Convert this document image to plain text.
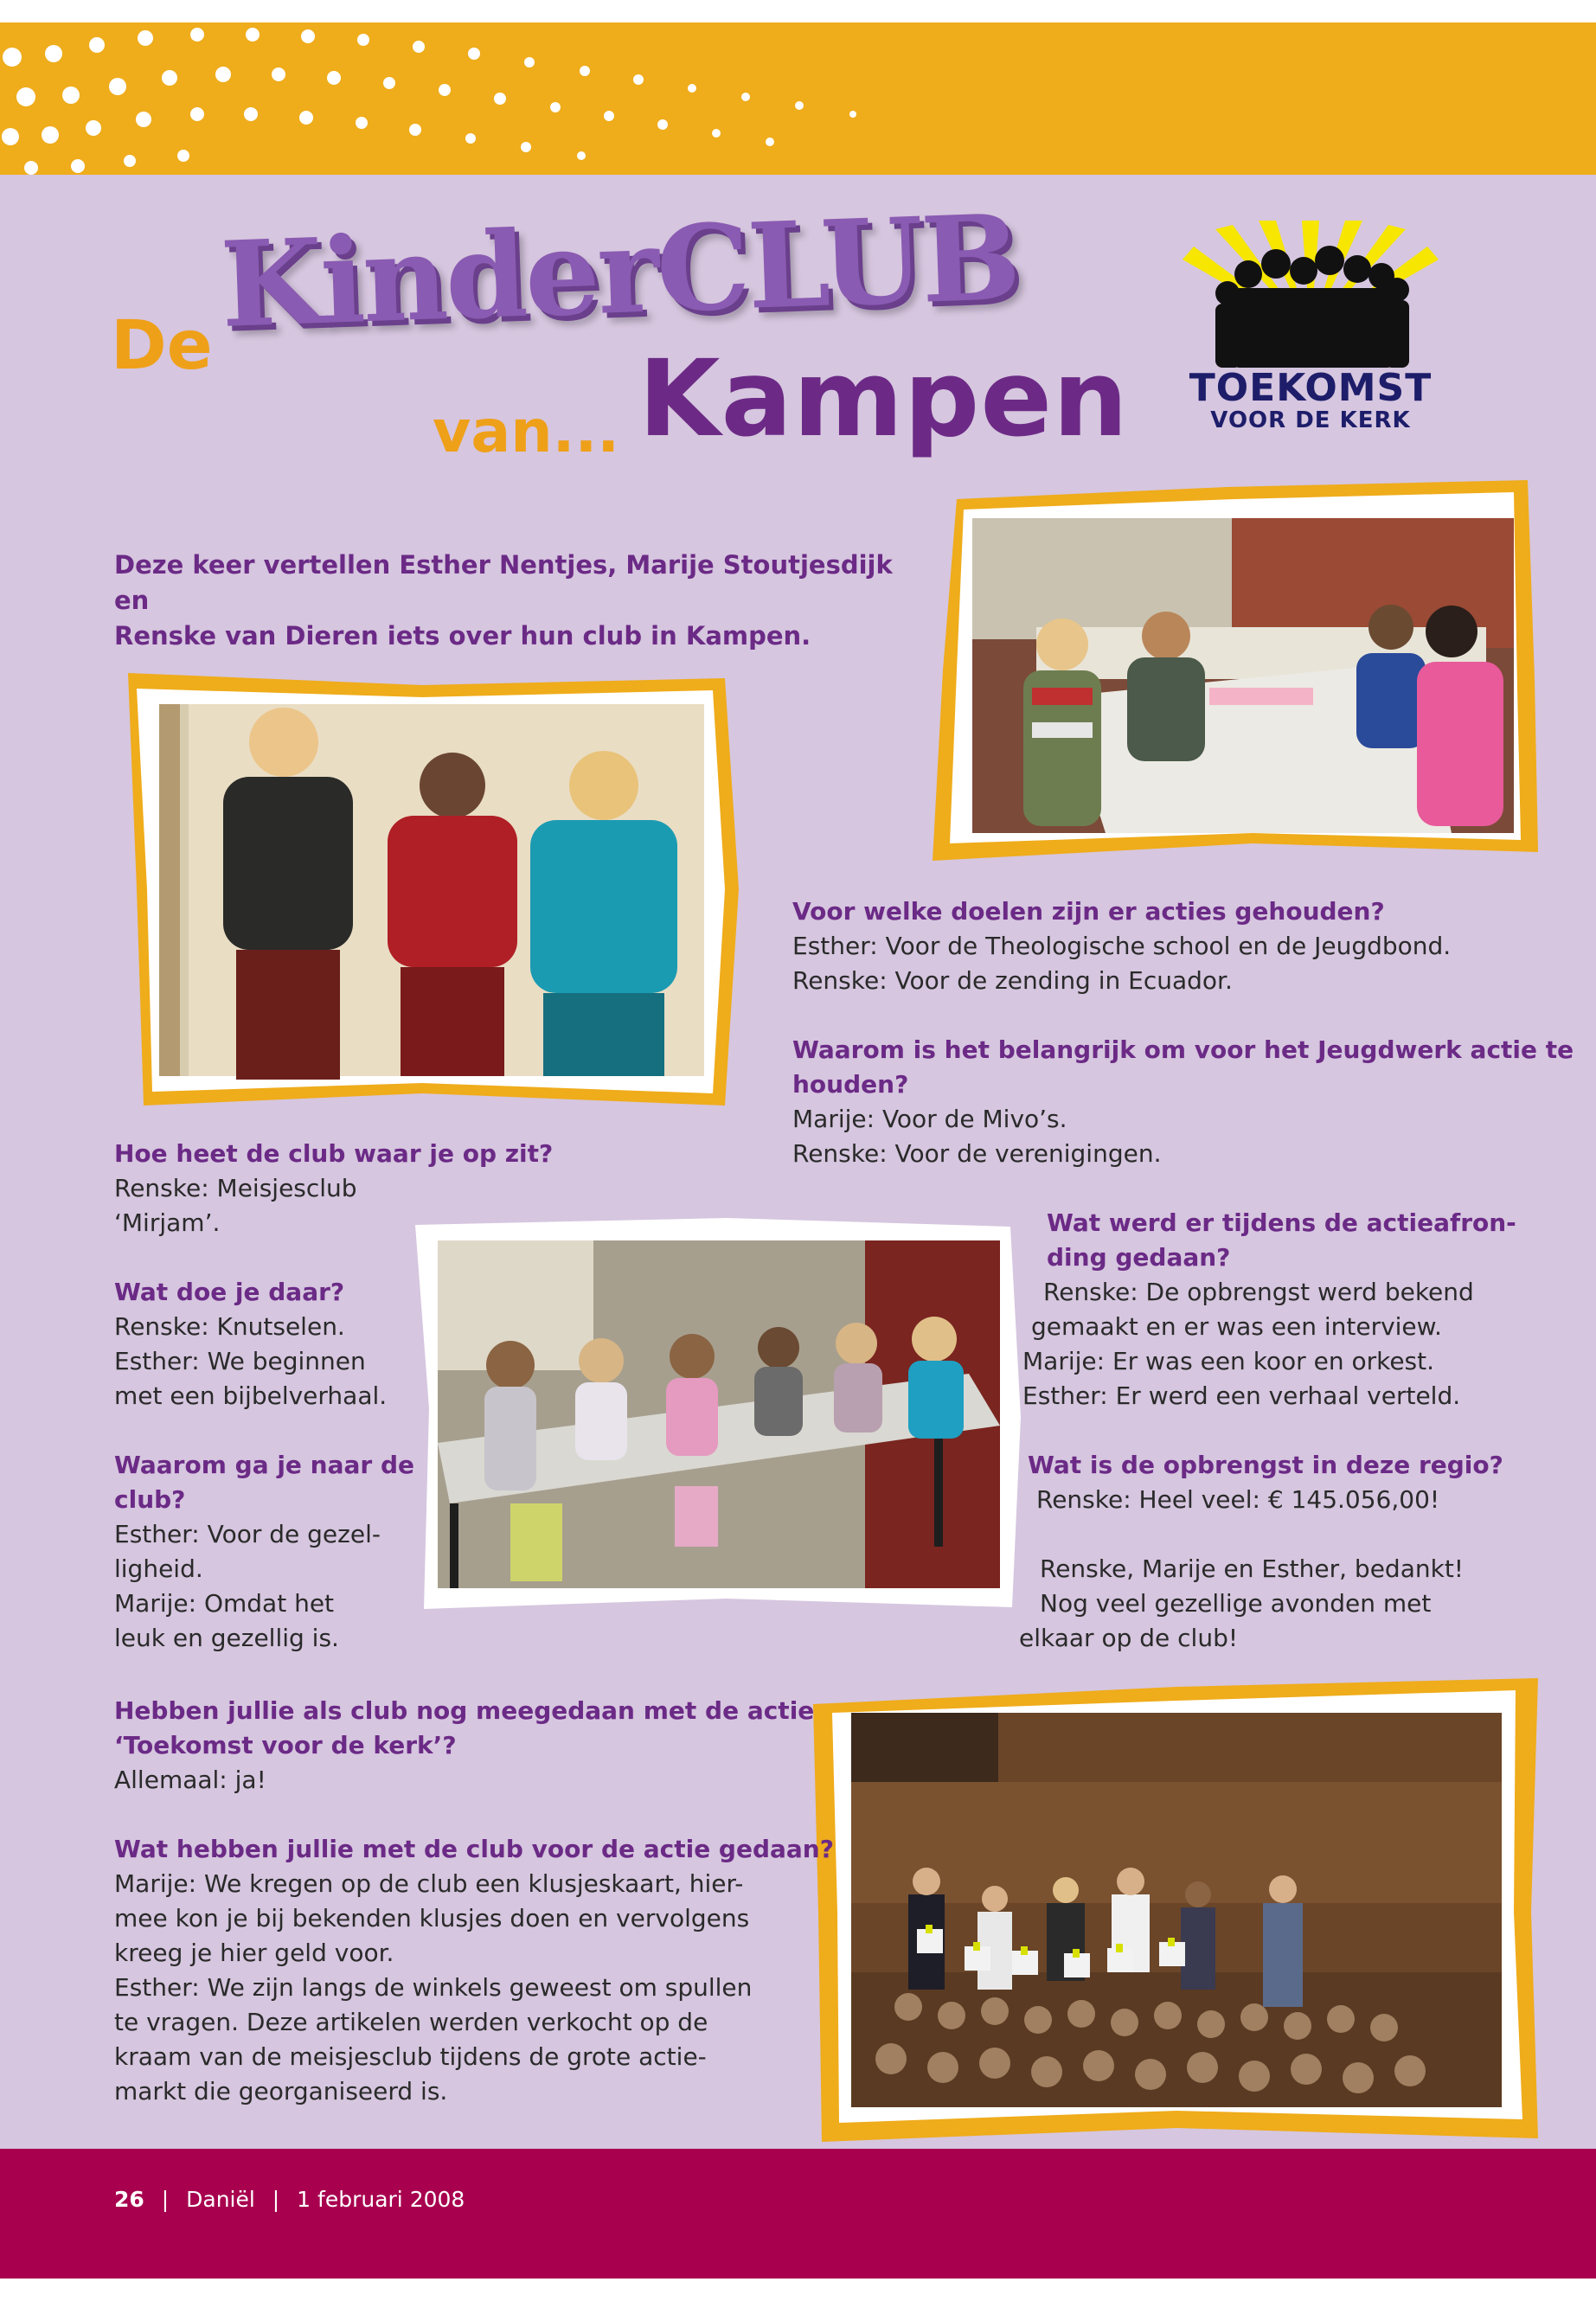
De KinderCLUB
van... Kampen	TOEKOMST
VOOR DE KERK
Deze keer vertellen Esther Nentjes, Marije Stoutjesdijk en
Renske van Dieren iets over hun club in Kampen.

Hoe heet de club waar je op zit?

Renske: Meisjesclub

‘Mirjam’.

Wat doe je daar?

Renske: Knutselen.

Esther: We beginnen

met een bijbelverhaal.

Waarom ga je naar de

club?

Esther: Voor de gezel-

ligheid.

Marije: Omdat het

leuk en gezellig is.

Hebben jullie als club nog meegedaan met de actie

‘Toekomst voor de kerk’?

Allemaal: ja!

Wat hebben jullie met de club voor de actie gedaan?

Marije: We kregen op de club een klusjeskaart, hier-

mee kon je bij bekenden klusjes doen en vervolgens

kreeg je hier geld voor.

Esther: We zijn langs de winkels geweest om spullen

te vragen. Deze artikelen werden verkocht op de

kraam van de meisjesclub tijdens de grote actie-

markt die georganiseerd is.

Voor welke doelen zijn er acties gehouden?

Esther: Voor de Theologische school en de Jeugdbond.

Renske: Voor de zending in Ecuador.

Waarom is het belangrijk om voor het Jeugdwerk actie te

houden?

Marije: Voor de Mivo’s.

Renske: Voor de verenigingen.

Wat werd er tijdens de actieafron-

ding gedaan?

Renske: De opbrengst werd bekend

gemaakt en er was een interview.

Marije: Er was een koor en orkest.

Esther: Er werd een verhaal verteld.

Wat is de opbrengst in deze regio?

Renske: Heel veel: € 145.056,00!

Renske, Marije en Esther, bedankt!

Nog veel gezellige avonden met

elkaar op de club!

26 | Daniël | 1 februari 2008
